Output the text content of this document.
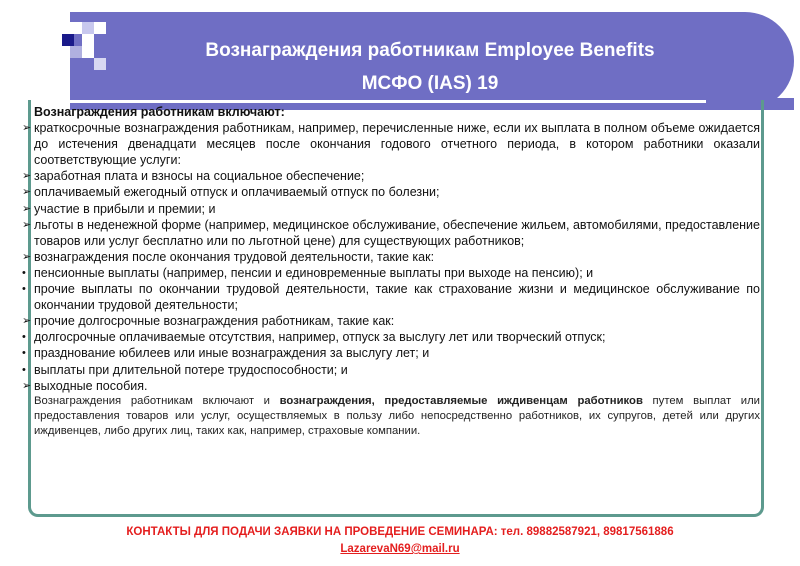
Вознаграждения работникам Employee Benefits
МСФО (IAS) 19

Вознаграждения работникам включают:

➢ краткосрочные вознаграждения работникам, например, перечисленные ниже, если их выплата в полном объеме ожидается до истечения двенадцати месяцев после окончания годового отчетного периода, в котором работники оказали соответствующие услуги:

➢ заработная плата и взносы на социальное обеспечение;

➢ оплачиваемый ежегодный отпуск и оплачиваемый отпуск по болезни;

➢ участие в прибыли и премии; и

➢ льготы в неденежной форме (например, медицинское обслуживание, обеспечение жильем, автомобилями, предоставление товаров или услуг бесплатно или по льготной цене) для существующих работников;

➢ вознаграждения после окончания трудовой деятельности, такие как:

• пенсионные выплаты (например, пенсии и единовременные выплаты при выходе на пенсию); и

• прочие выплаты по окончании трудовой деятельности, такие как страхование жизни и медицинское обслуживание по окончании трудовой деятельности;

➢ прочие долгосрочные вознаграждения работникам, такие как:

• долгосрочные оплачиваемые отсутствия, например, отпуск за выслугу лет или творческий отпуск;

• празднование юбилеев или иные вознаграждения за выслугу лет; и

• выплаты при длительной потере трудоспособности; и

➢ выходные пособия.

Вознаграждения работникам включают и вознаграждения, предоставляемые иждивенцам работников путем выплат или предоставления товаров или услуг, осуществляемых в пользу либо непосредственно работников, их супругов, детей или других иждивенцев, либо других лиц, таких как, например, страховые компании.

КОНТАКТЫ ДЛЯ ПОДАЧИ ЗАЯВКИ НА ПРОВЕДЕНИЕ СЕМИНАРА: тел. 89882587921, 89817561886
LazarevaN69@mail.ru
